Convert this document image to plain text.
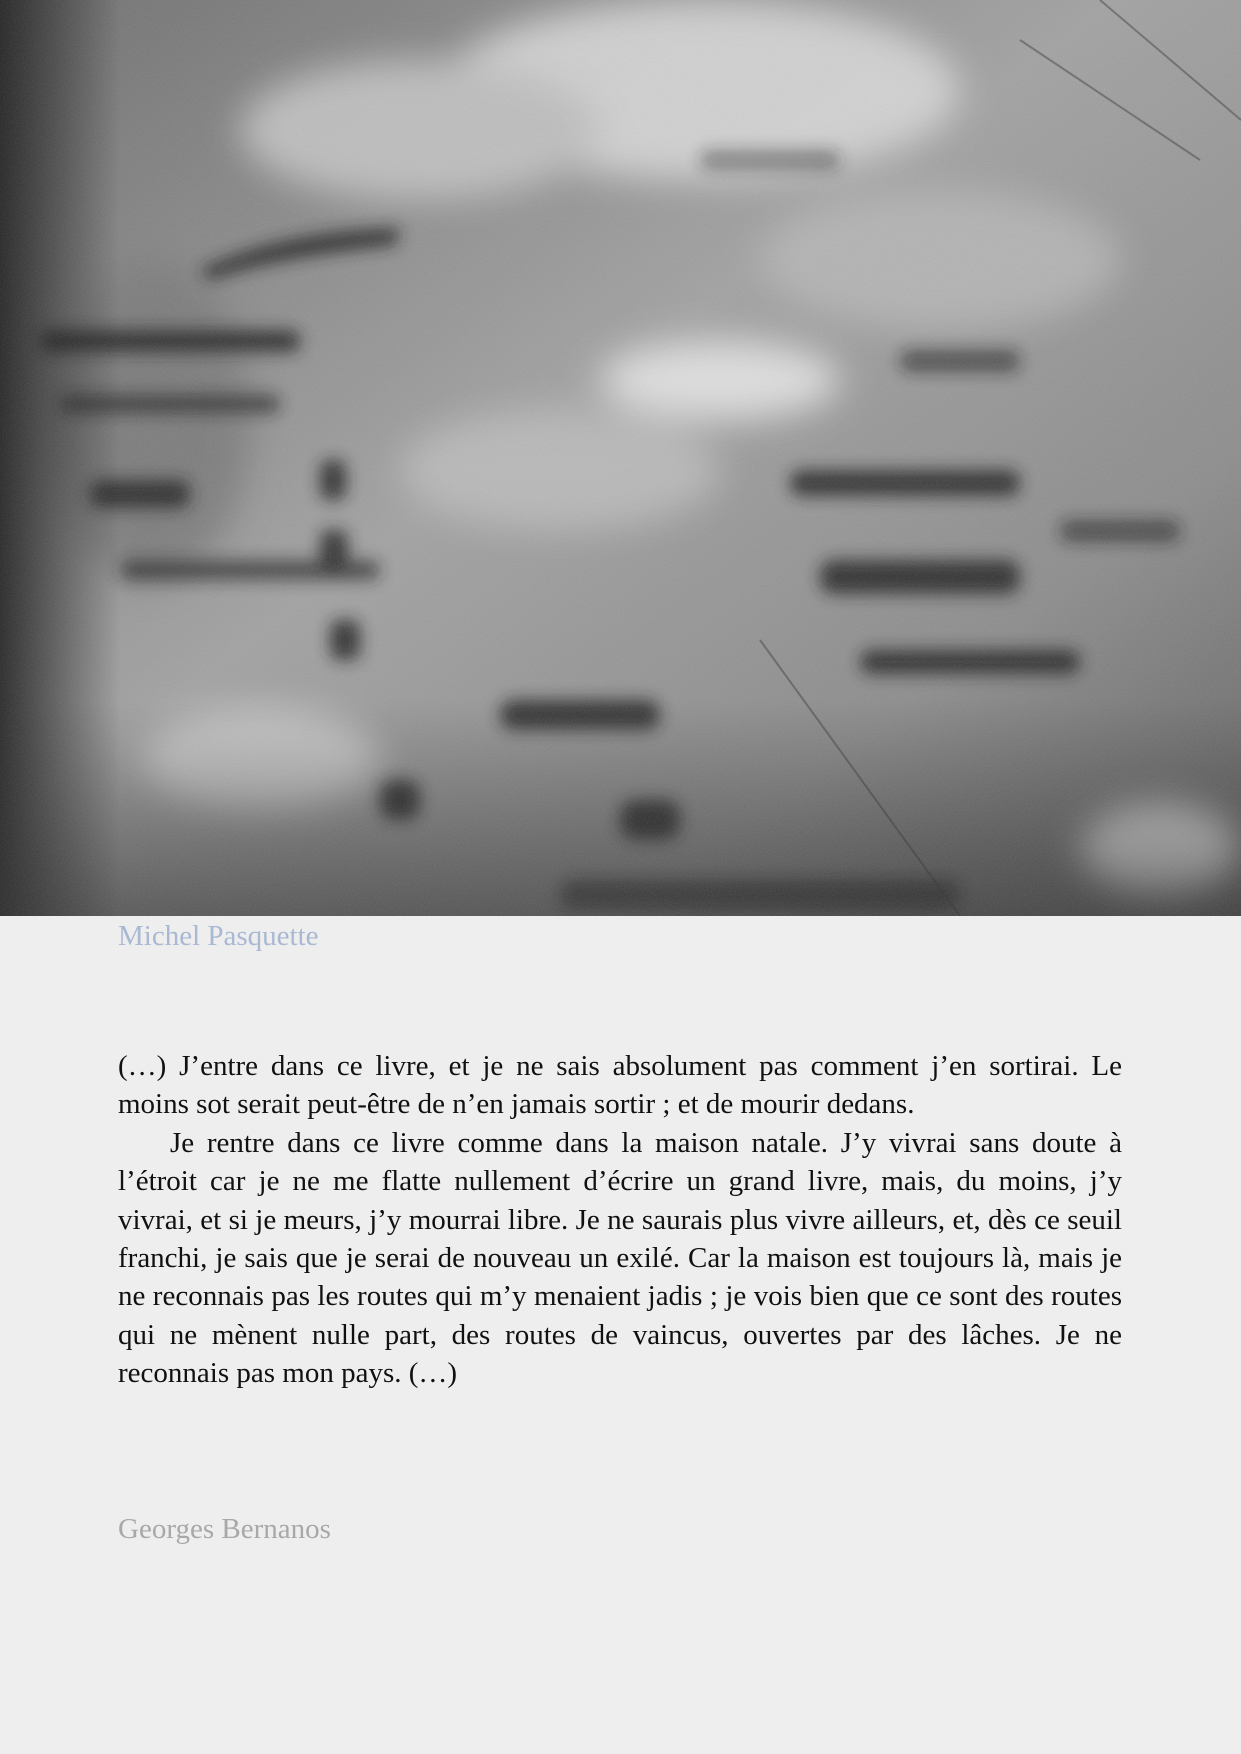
Michel Pasquette

(…) J’entre dans ce livre, et je ne sais absolument pas comment j’en sortirai. Le moins sot serait peut-être de n’en jamais sortir ; et de mourir dedans.

Je rentre dans ce livre comme dans la maison natale. J’y vivrai sans doute à l’étroit car je ne me flatte nullement d’écrire un grand livre, mais, du moins, j’y vivrai, et si je meurs, j’y mourrai libre. Je ne saurais plus vivre ailleurs, et, dès ce seuil franchi, je sais que je serai de nouveau un exilé. Car la maison est toujours là, mais je ne reconnais pas les routes qui m’y menaient jadis ; je vois bien que ce sont des routes qui ne mènent nulle part, des routes de vaincus, ouvertes par des lâches. Je ne reconnais pas mon pays. (…)

Georges Bernanos
